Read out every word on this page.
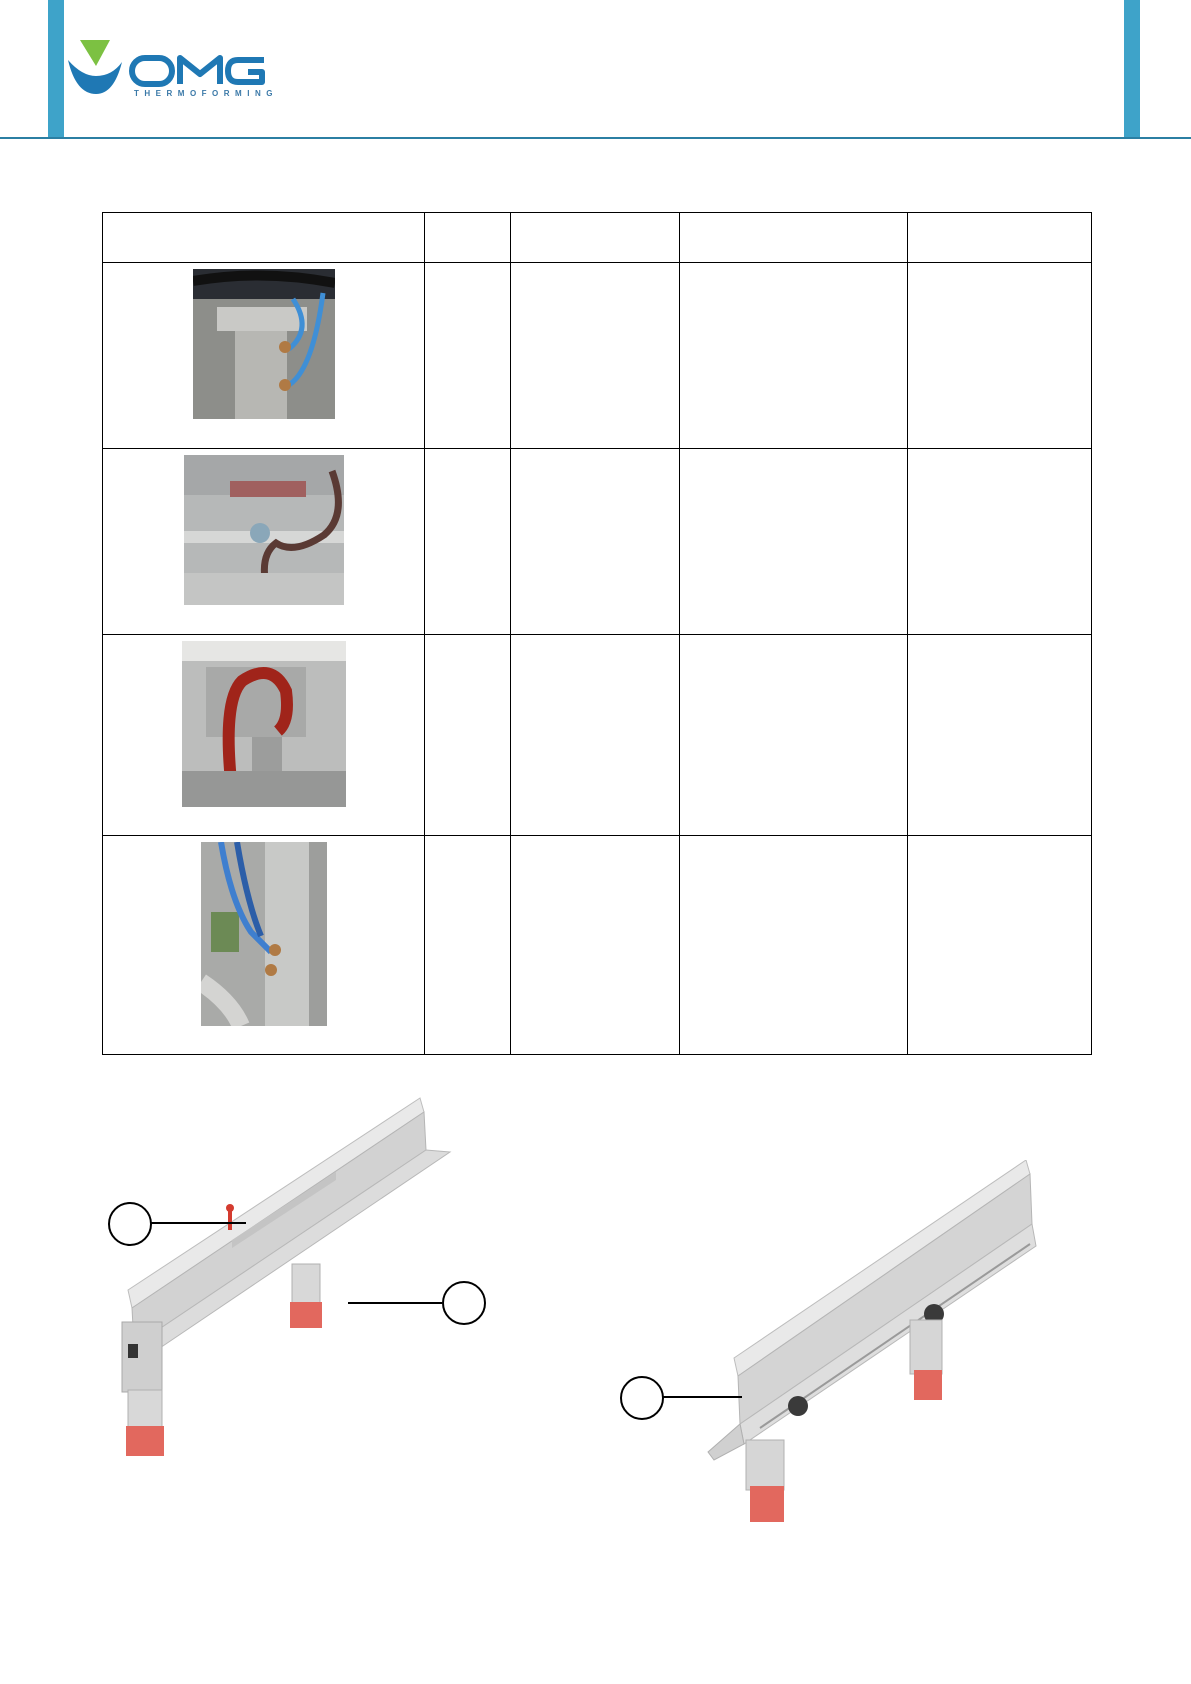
THERMOFORMING
